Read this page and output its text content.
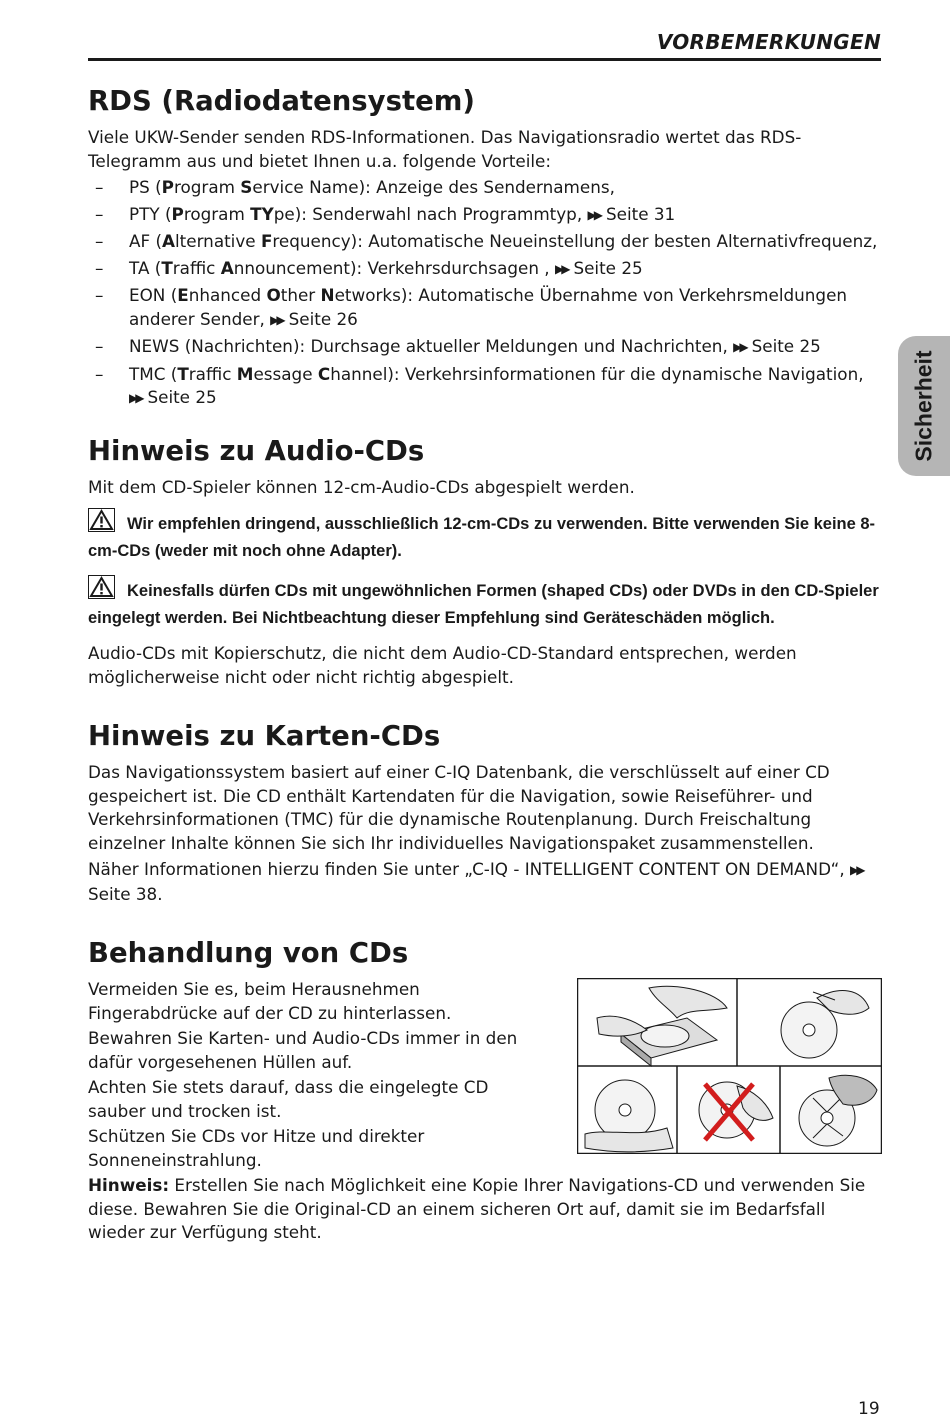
VORBEMERKUNGEN
Sicherheit
RDS (Radiodatensystem)

Viele UKW-Sender senden RDS-Informationen. Das Navigationsradio wertet das RDS-Telegramm aus und bietet Ihnen u.a. folgende Vorteile:

– PS (Program Service Name): Anzeige des Sendernamens,
– PTY (Program TYpe): Senderwahl nach Programmtyp, ▶▶ Seite 31
– AF (Alternative Frequency): Automatische Neueinstellung der besten Alternativfrequenz,
– TA (Traffic Announcement): Verkehrsdurchsagen , ▶▶ Seite 25
– EON (Enhanced Other Networks): Automatische Übernahme von Verkehrsmeldungen anderer Sender, ▶▶ Seite 26
– NEWS (Nachrichten): Durchsage aktueller Meldungen und Nachrichten, ▶▶ Seite 25
– TMC (Traffic Message Channel): Verkehrsinformationen für die dynamische Navigation, ▶▶ Seite 25
Hinweis zu Audio-CDs

Mit dem CD-Spieler können 12-cm-Audio-CDs abgespielt werden.

Wir empfehlen dringend, ausschließlich 12-cm-CDs zu verwenden. Bitte verwenden Sie keine 8-cm-CDs (weder mit noch ohne Adapter).
Keinesfalls dürfen CDs mit ungewöhnlichen Formen (shaped CDs) oder DVDs in den CD-Spieler eingelegt werden. Bei Nichtbeachtung dieser Empfehlung sind Geräteschäden möglich.

Audio-CDs mit Kopierschutz, die nicht dem Audio-CD-Standard entsprechen, werden möglicherweise nicht oder nicht richtig abgespielt.

Hinweis zu Karten-CDs

Das Navigationssystem basiert auf einer C-IQ Datenbank, die verschlüsselt auf einer CD gespeichert ist. Die CD enthält Kartendaten für die Navigation, sowie Reiseführer- und Verkehrsinformationen (TMC) für die dynamische Routenplanung. Durch Freischaltung einzelner Inhalte können Sie sich Ihr individuelles Navigationspaket zusammenstellen.

Näher Informationen hierzu finden Sie unter „C-IQ - INTELLIGENT CONTENT ON DEMAND“, ▶▶Seite 38.

Behandlung von CDs

Vermeiden Sie es, beim Herausnehmen Fingerabdrücke auf der CD zu hinterlassen.

Bewahren Sie Karten- und Audio-CDs immer in den dafür vorgesehenen Hüllen auf.

Achten Sie stets darauf, dass die eingelegte CD sauber und trocken ist.

Schützen Sie CDs vor Hitze und direkter Sonneneinstrahlung.

Hinweis: Erstellen Sie nach Möglichkeit eine Kopie Ihrer Navigations-CD und verwenden Sie diese. Bewahren Sie die Original-CD an einem sicheren Ort auf, damit sie im Bedarfsfall wieder zur Verfügung steht.

19
